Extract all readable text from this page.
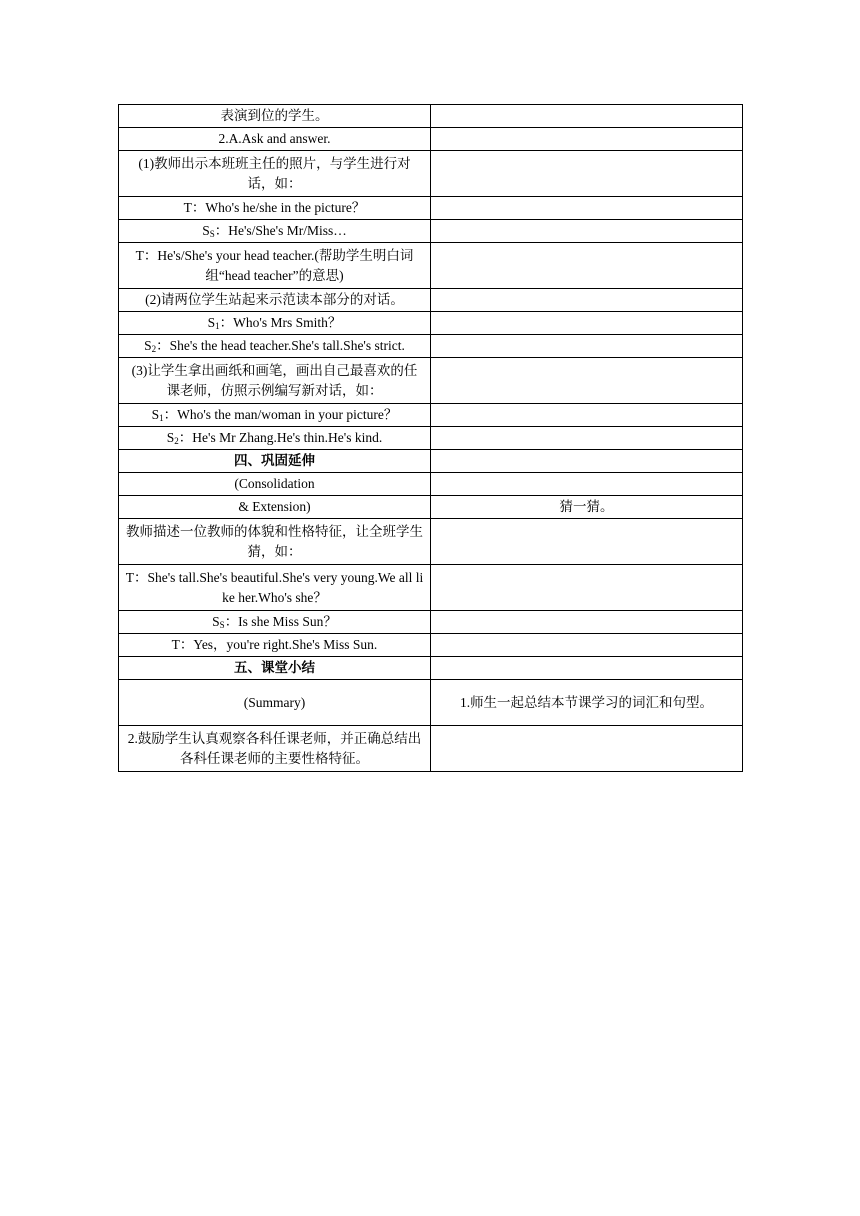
表演到位的学生。	
2.A.Ask and answer.	
(1)教师出示本班班主任的照片，与学生进行对话，如：	
T：Who's he/she in the picture？	
$S_S$：He's/She's Mr/Miss…	
T：He's/She's your head teacher.(帮助学生明白词组“head teacher”的意思)	
(2)请两位学生站起来示范读本部分的对话。	
$S_1$：Who's Mrs Smith？	
$S_2$：She's the head teacher.She's tall.She's strict.	
(3)让学生拿出画纸和画笔，画出自己最喜欢的任课老师，仿照示例编写新对话，如：	
$S_1$：Who's the man/woman in your picture？	
$S_2$：He's Mr Zhang.He's thin.He's kind.	
四、巩固延伸	
(Consolidation	
& Extension)	猜一猜。
教师描述一位教师的体貌和性格特征，让全班学生猜，如：	
T：She's tall.She's beautiful.She's very young.We all like her.Who's she？	
$S_S$：Is she Miss Sun？	
T：Yes，you're right.She's Miss Sun.	
五、课堂小结	
(Summary)	1.师生一起总结本节课学习的词汇和句型。
2.鼓励学生认真观察各科任课老师，并正确总结出各科任课老师的主要性格特征。	
